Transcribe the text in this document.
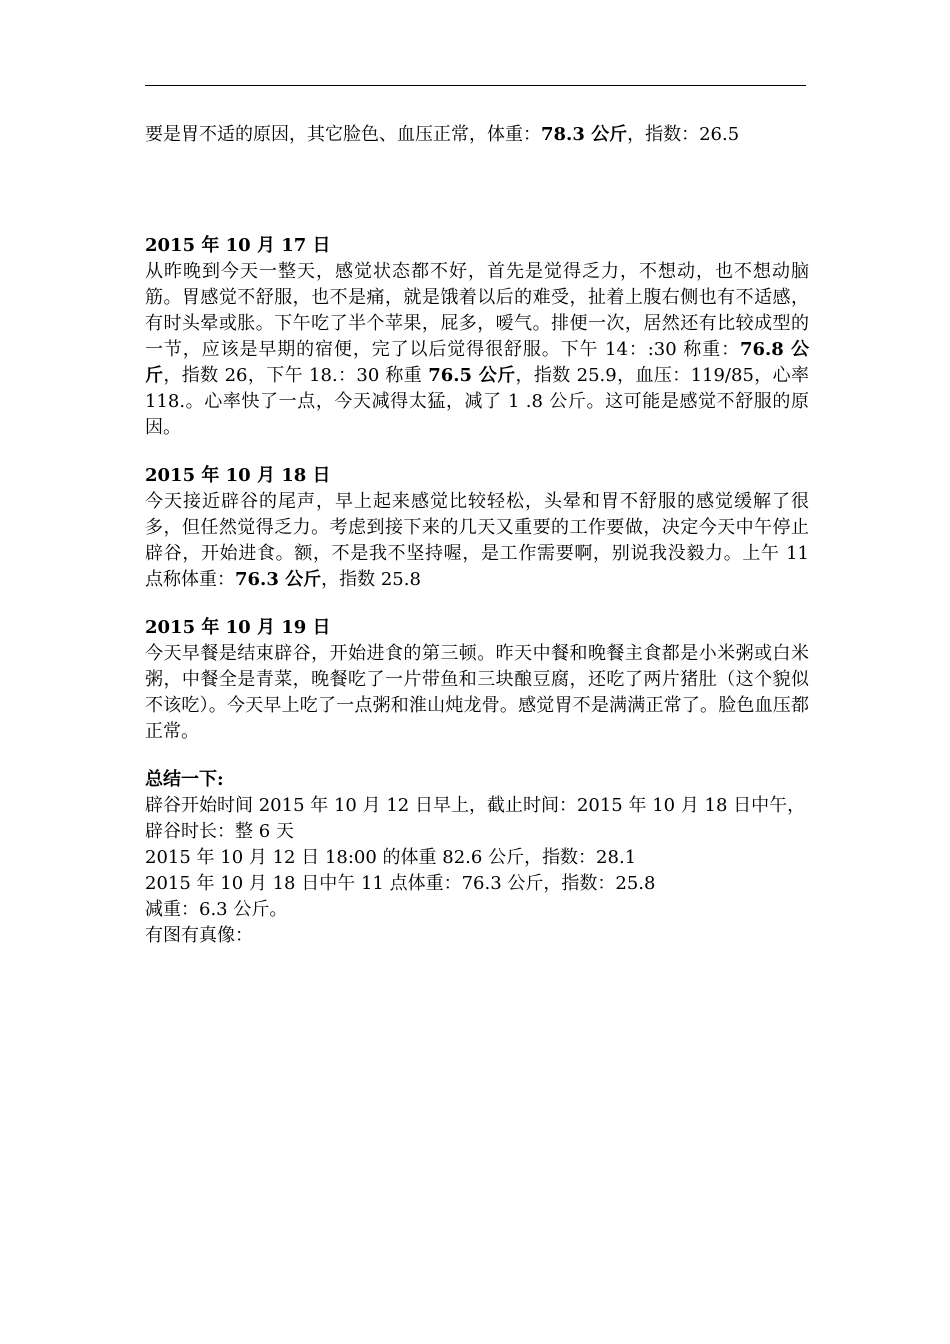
要是胃不适的原因，其它脸色、血压正常，体重：78.3 公斤，指数：26.5

2015 年 10 月 17 日

从昨晚到今天一整天，感觉状态都不好，首先是觉得乏力，不想动，也不想动脑筋。胃感觉不舒服，也不是痛，就是饿着以后的难受，扯着上腹右侧也有不适感，有时头晕或胀。下午吃了半个苹果，屁多，嗳气。排便一次，居然还有比较成型的一节，应该是早期的宿便，完了以后觉得很舒服。下午 14：:30 称重：76.8 公斤，指数 26，下午 18.：30 称重 76.5 公斤，指数 25.9，血压：119/85，心率 118.。心率快了一点，今天减得太猛，减了 1 .8 公斤。这可能是感觉不舒服的原因。

2015 年 10 月 18 日

今天接近辟谷的尾声，早上起来感觉比较轻松，头晕和胃不舒服的感觉缓解了很多，但任然觉得乏力。考虑到接下来的几天又重要的工作要做，决定今天中午停止辟谷，开始进食。额，不是我不坚持喔，是工作需要啊，别说我没毅力。上午 11 点称体重：76.3 公斤，指数 25.8

2015 年 10 月 19 日

今天早餐是结束辟谷，开始进食的第三顿。昨天中餐和晚餐主食都是小米粥或白米粥，中餐全是青菜，晚餐吃了一片带鱼和三块酿豆腐，还吃了两片猪肚（这个貌似不该吃）。今天早上吃了一点粥和淮山炖龙骨。感觉胃不是满满正常了。脸色血压都正常。

总结一下:

辟谷开始时间 2015 年 10 月 12 日早上，截止时间：2015 年 10 月 18 日中午，

辟谷时长：整 6 天

2015 年 10 月 12 日 18:00 的体重 82.6 公斤，指数：28.1

2015 年 10 月 18 日中午 11 点体重：76.3 公斤，指数：25.8

减重：6.3 公斤。

有图有真像：
